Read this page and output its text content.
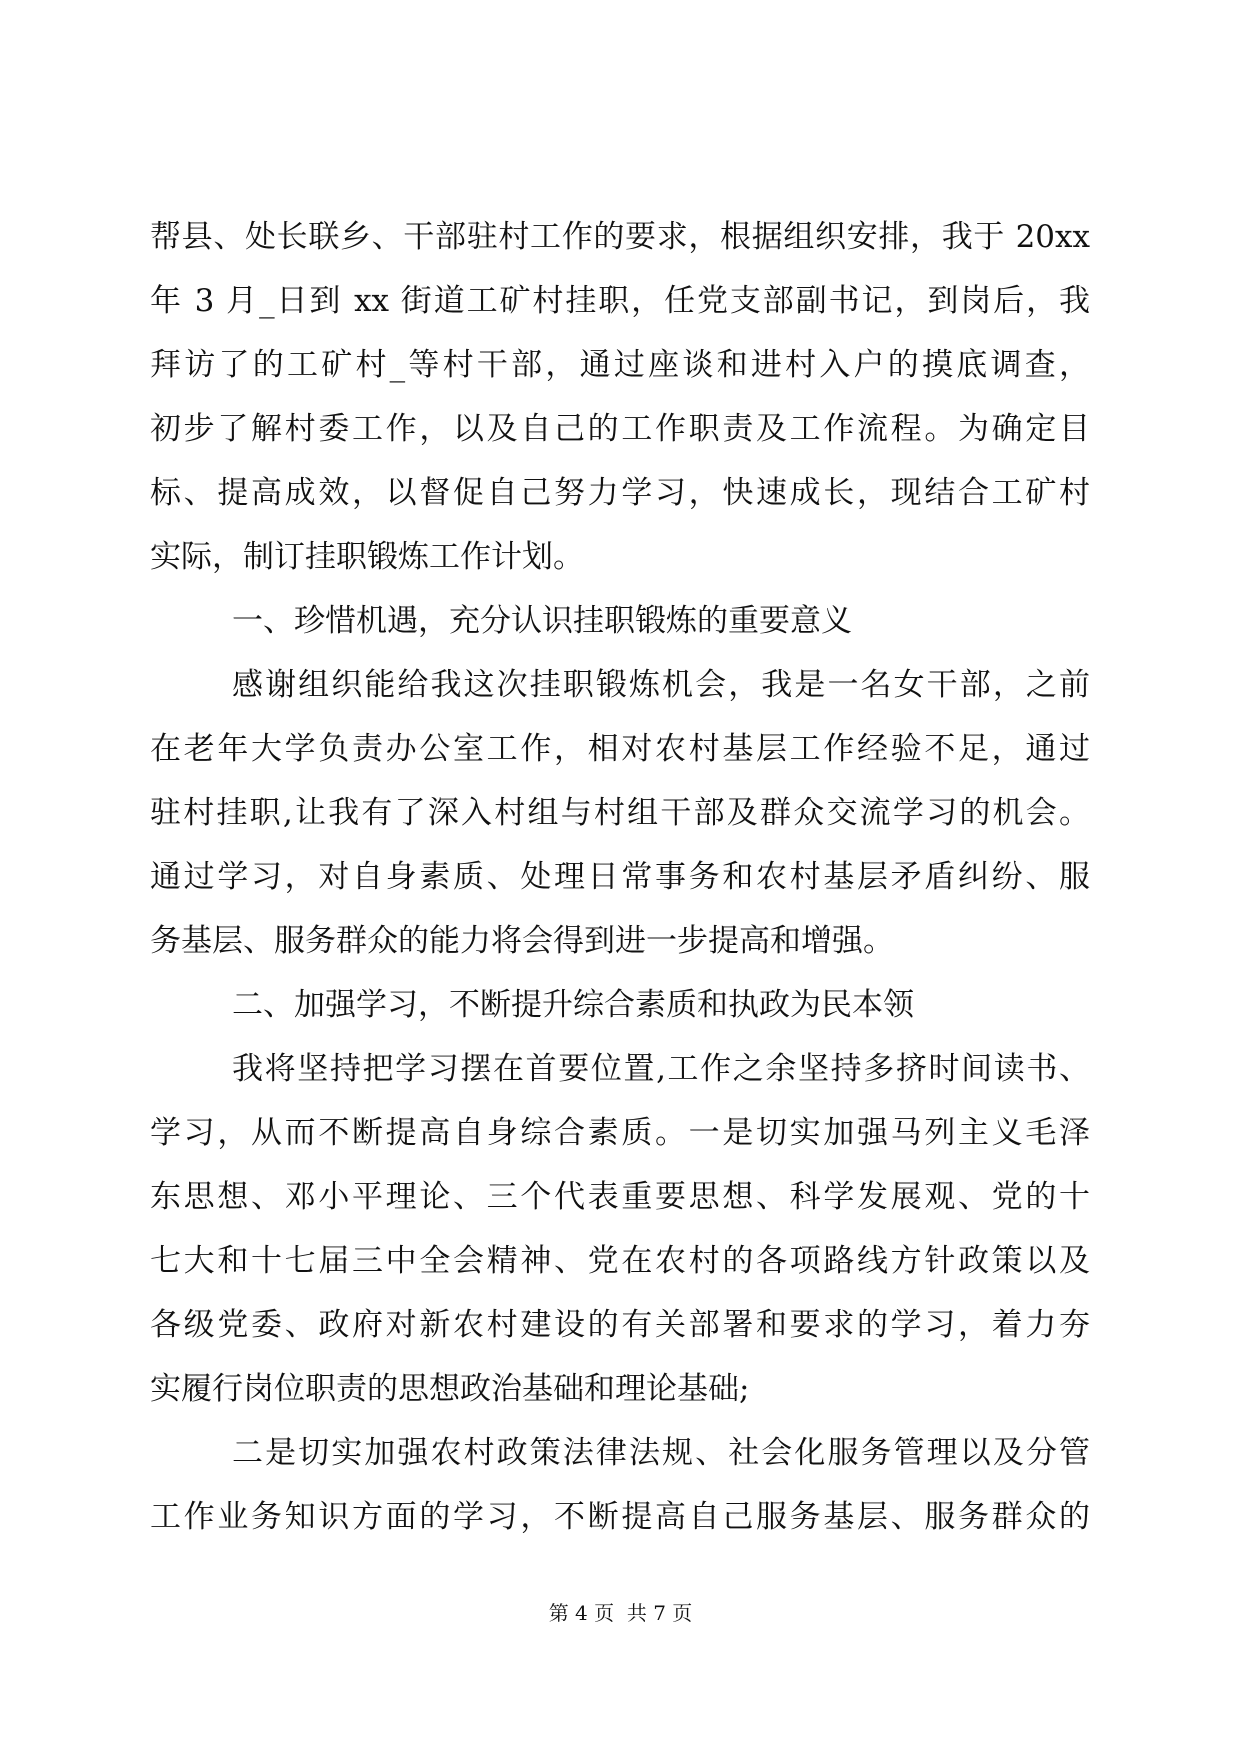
帮县、处长联乡、干部驻村工作的要求，根据组织安排，我于 20xx
年 3 月_日到 xx 街道工矿村挂职，任党支部副书记，到岗后，我
拜访了的工矿村_等村干部，通过座谈和进村入户的摸底调查，
初步了解村委工作，以及自己的工作职责及工作流程。为确定目
标、提高成效，以督促自己努力学习，快速成长，现结合工矿村
实际，制订挂职锻炼工作计划。
一、珍惜机遇，充分认识挂职锻炼的重要意义
感谢组织能给我这次挂职锻炼机会，我是一名女干部，之前
在老年大学负责办公室工作，相对农村基层工作经验不足，通过
驻村挂职,让我有了深入村组与村组干部及群众交流学习的机会。
通过学习，对自身素质、处理日常事务和农村基层矛盾纠纷、服
务基层、服务群众的能力将会得到进一步提高和增强。
二、加强学习，不断提升综合素质和执政为民本领
我将坚持把学习摆在首要位置,工作之余坚持多挤时间读书、
学习，从而不断提高自身综合素质。一是切实加强马列主义毛泽
东思想、邓小平理论、三个代表重要思想、科学发展观、党的十
七大和十七届三中全会精神、党在农村的各项路线方针政策以及
各级党委、政府对新农村建设的有关部署和要求的学习，着力夯
实履行岗位职责的思想政治基础和理论基础;
二是切实加强农村政策法律法规、社会化服务管理以及分管
工作业务知识方面的学习，不断提高自己服务基层、服务群众的
第 4 页  共 7 页
